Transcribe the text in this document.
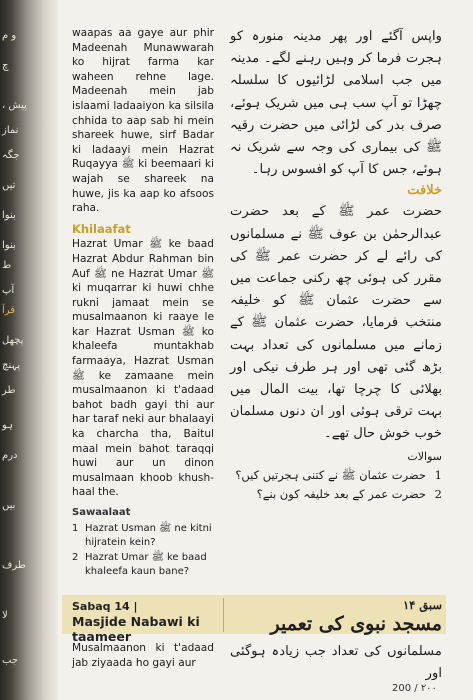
و م
چ
، پیش
نماز
جگہ
تیں
بنوا
بنوا
ط
آپ
قرآ
پچھل
پہنچ
طر
ہو
درم
بیں
طرف
لا
جب

waapas aa gaye aur phir Madeenah Munawwarah ko hijrat farma kar waheen rehne lage. Madeenah mein jab islaami ladaaiyon ka silsila chhida to aap sab hi mein shareek huwe, sirf Badar ki ladaayi mein Hazrat Ruqayya ﷺ ki beemaari ki wajah se shareek na huwe, jis ka aap ko afsoos raha.

Khilaafat

Hazrat Umar ﷺ ke baad Hazrat Abdur Rahman bin Auf ﷺ ne Hazrat Umar ﷺ ki muqarrar ki huwi chhe rukni jamaat mein se musalmaanon ki raaye le kar Hazrat Usman ﷺ ko khaleefa muntakhab farmaaya, Hazrat Usman ﷺ ke zamaane mein musalmaanon ki t'adaad bahot badh gayi thi aur har taraf neki aur bhalaayi ka charcha tha, Baitul maal mein bahot taraqqi huwi aur un dinon musalmaan khoob khush-haal the.

Sawaalaat
1 Hazrat Usman ﷺ ne kitni hijratein kein?
2 Hazrat Umar ﷺ ke baad khaleefa kaun bane?

واپس آگئے اور پھر مدینہ منورہ کو ہجرت فرما کر وہیں رہنے لگے۔ مدینہ میں جب اسلامی لڑائیوں کا سلسلہ چھڑا تو آپ سب ہی میں شریک ہوئے، صرف بدر کی لڑائی میں حضرت رقیہ ﷺ کی بیماری کی وجہ سے شریک نہ ہوئے، جس کا آپ کو افسوس رہا۔

خلافت

حضرت عمر ﷺ کے بعد حضرت عبدالرحمٰن بن عوف ﷺ نے مسلمانوں کی رائے لے کر حضرت عمر ﷺ کی مقرر کی ہوئی چھ رکنی جماعت میں سے حضرت عثمان ﷺ کو خلیفہ منتخب فرمایا، حضرت عثمان ﷺ کے زمانے میں مسلمانوں کی تعداد بہت بڑھ گئی تھی اور ہر طرف نیکی اور بھلائی کا چرچا تھا، بیت المال میں بہت ترقی ہوئی اور ان دنوں مسلمان خوب خوش حال تھے۔

سوالات
1
حضرت عثمان ﷺ نے کتنی ہجرتیں کیں؟
2
حضرت عمر کے بعد خلیفہ کون بنے؟
Sabaq 14 |
Masjide Nabawi ki taameer
سبق ۱۴
مسجد نبوی کی تعمیر

Musalmaanon ki t'adaad jab ziyaada ho gayi aur

مسلمانوں کی تعداد جب زیادہ ہوگئی اور

200 / ۲۰۰
